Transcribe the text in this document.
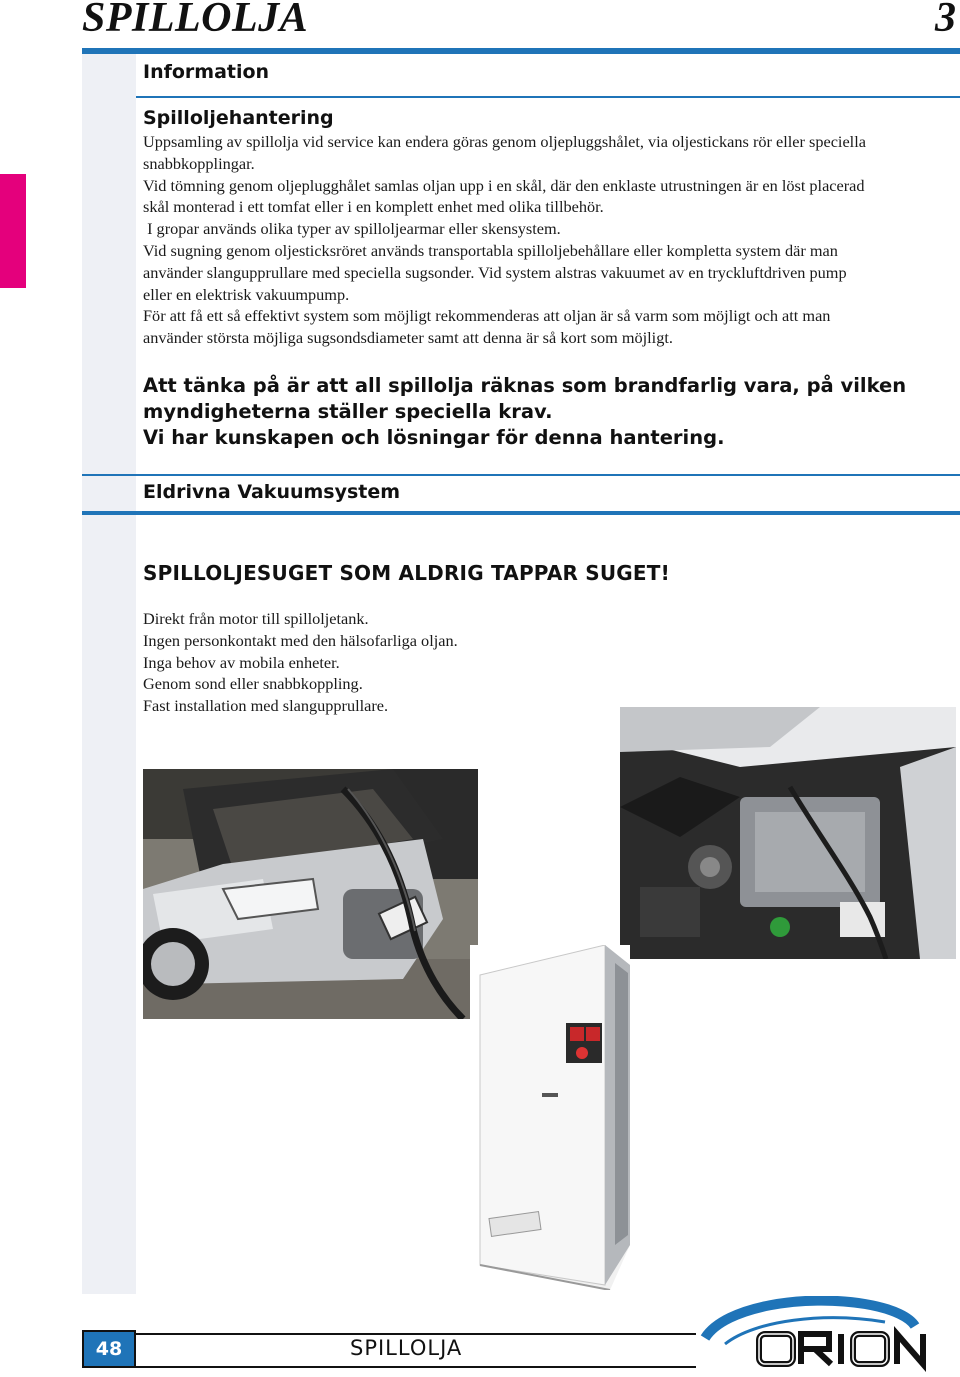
SPILLOLJA	3
Information
Spilloljehantering

Uppsamling av spillolja vid service kan endera göras genom oljepluggshålet, via oljestickans rör eller speciella

snabbkopplingar.

Vid tömning genom oljeplugghålet samlas oljan upp i en skål, där den enklaste utrustningen är en löst placerad

skål monterad i ett tomfat eller i en komplett enhet med olika tillbehör.

I gropar används olika typer av spilloljearmar eller skensystem.

Vid sugning genom oljesticksröret används transportabla spilloljebehållare eller kompletta system där man

använder slangupprullare med speciella sugsonder. Vid system alstras vakuumet av en tryckluftdriven pump

eller en elektrisk vakuumpump.

För att få ett så effektivt system som möjligt rekommenderas att oljan är så varm som möjligt och att man

använder största möjliga sugsondsdiameter samt att denna är så kort som möjligt.

Att tänka på är att all spillolja räknas som brandfarlig vara, på vilken

myndigheterna ställer speciella krav.

Vi har kunskapen och lösningar för denna hantering.

Eldrivna Vakuumsystem
SPILLOLJESUGET SOM ALDRIG TAPPAR SUGET!

Direkt från motor till spilloljetank.

Ingen personkontakt med den hälsofarliga oljan.

Inga behov av mobila enheter.

Genom sond eller snabbkoppling.

Fast installation med slangupprullare.

48	SPILLOLJA
